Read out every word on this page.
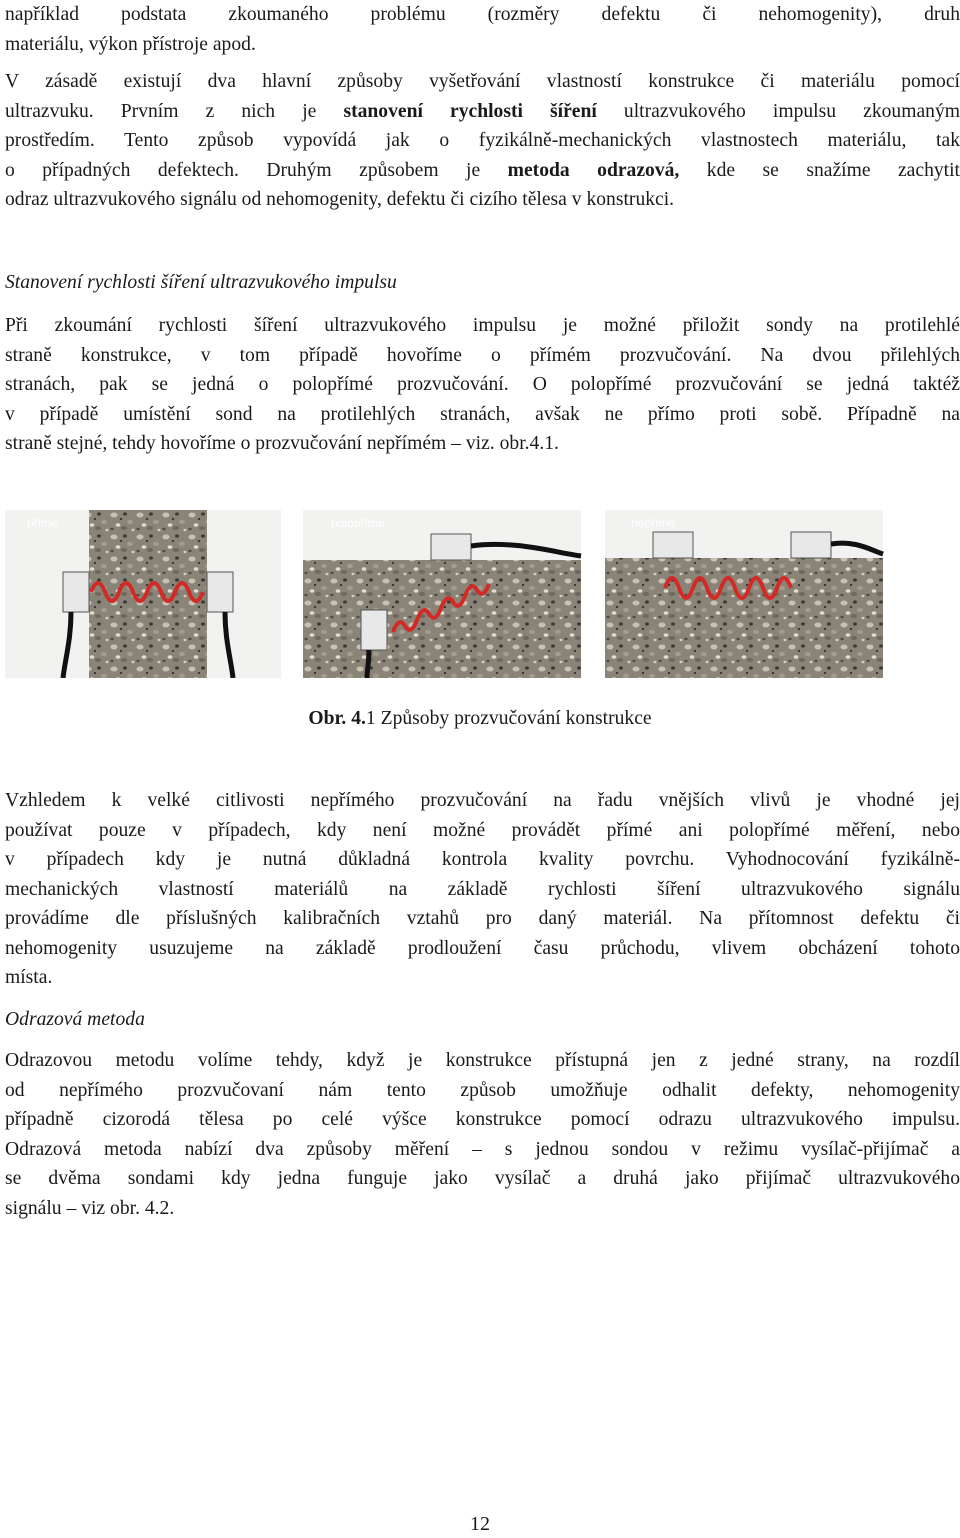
například podstata zkoumaného problému (rozměry defektu či nehomogenity), druh
materiálu, výkon přístroje apod.
V zásadě existují dva hlavní způsoby vyšetřování vlastností konstrukce či materiálu pomocí
ultrazvuku. Prvním z nich je stanovení rychlosti šíření ultrazvukového impulsu zkoumaným
prostředím. Tento způsob vypovídá jak o fyzikálně-mechanických vlastnostech materiálu, tak
o případných defektech. Druhým způsobem je metoda odrazová, kde se snažíme zachytit
odraz ultrazvukového signálu od nehomogenity, defektu či cizího tělesa v konstrukci.

Stanovení rychlosti šíření ultrazvukového impulsu

Při zkoumání rychlosti šíření ultrazvukového impulsu je možné přiložit sondy na protilehlé
straně konstrukce, v tom případě hovoříme o přímém prozvučování. Na dvou přilehlých
stranách, pak se jedná o polopřímé prozvučování. O polopřímé prozvučování se jedná taktéž
v případě umístění sond na protilehlých stranách, avšak ne přímo proti sobě. Případně na
straně stejné, tehdy hovoříme o prozvučování nepřímém – viz. obr.4.1.
přímé	polopřímé	nepřímé
Obr. 4.1 Způsoby prozvučování konstrukce
Vzhledem k velké citlivosti nepřímého prozvučování na řadu vnějších vlivů je vhodné jej
používat pouze v případech, kdy není možné provádět přímé ani polopřímé měření, nebo
v případech kdy je nutná důkladná kontrola kvality povrchu. Vyhodnocování fyzikálně-
mechanických vlastností materiálů na základě rychlosti šíření ultrazvukového signálu
provádíme dle příslušných kalibračních vztahů pro daný materiál. Na přítomnost defektu či
nehomogenity usuzujeme na základě prodloužení času průchodu, vlivem obcházení tohoto
místa.

Odrazová metoda

Odrazovou metodu volíme tehdy, když je konstrukce přístupná jen z jedné strany, na rozdíl
od nepřímého prozvučovaní nám tento způsob umožňuje odhalit defekty, nehomogenity
případně cizorodá tělesa po celé výšce konstrukce pomocí odrazu ultrazvukového impulsu.
Odrazová metoda nabízí dva způsoby měření – s jednou sondou v režimu vysílač-přijímač a
se dvěma sondami kdy jedna funguje jako vysílač a druhá jako přijímač ultrazvukového
signálu – viz obr. 4.2.
12
